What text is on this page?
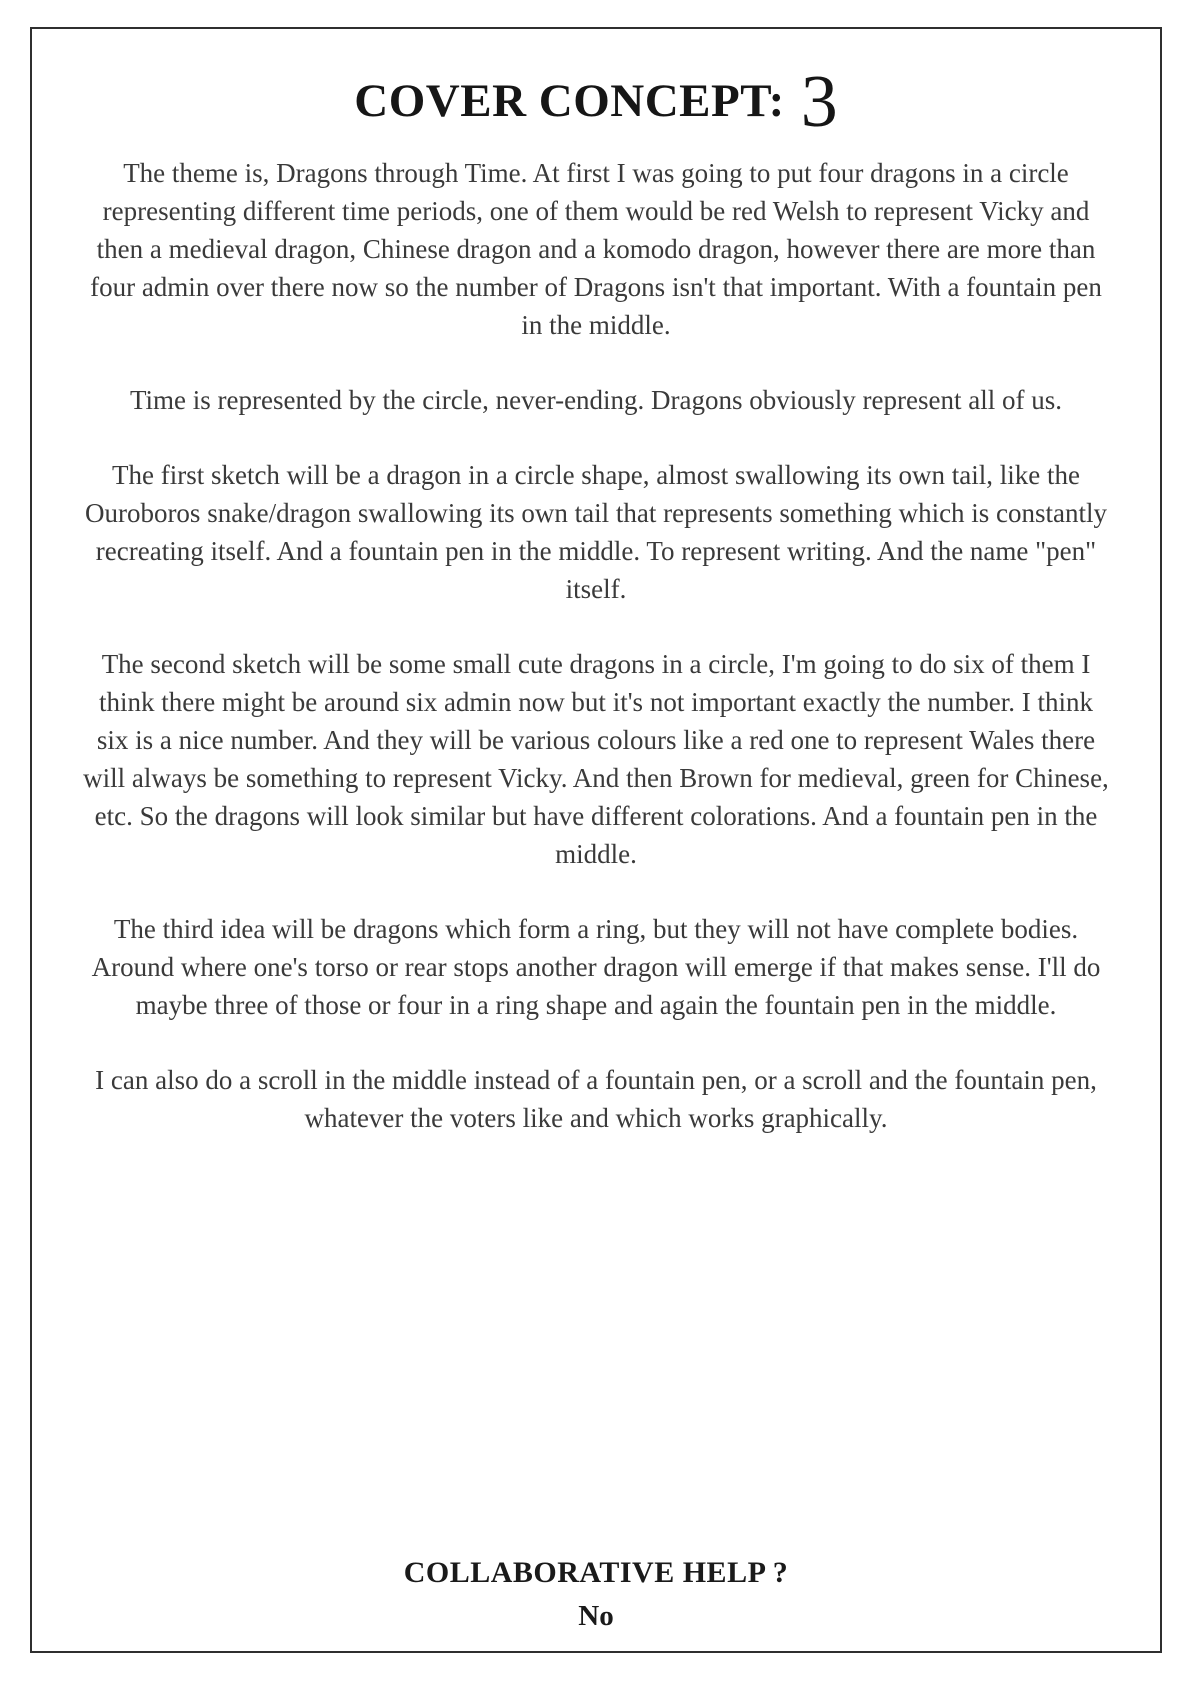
COVER CONCEPT: 3

The theme is, Dragons through Time. At first I was going to put four dragons in a circle representing different time periods, one of them would be red Welsh to represent Vicky and then a medieval dragon, Chinese dragon and a komodo dragon, however there are more than four admin over there now so the number of Dragons isn't that important. With a fountain pen in the middle.

Time is represented by the circle, never-ending. Dragons obviously represent all of us.

The first sketch will be a dragon in a circle shape, almost swallowing its own tail, like the Ouroboros snake/dragon swallowing its own tail that represents something which is constantly recreating itself. And a fountain pen in the middle. To represent writing. And the name "pen" itself.

The second sketch will be some small cute dragons in a circle, I'm going to do six of them I think there might be around six admin now but it's not important exactly the number. I think six is a nice number. And they will be various colours like a red one to represent Wales there will always be something to represent Vicky. And then Brown for medieval, green for Chinese, etc. So the dragons will look similar but have different colorations. And a fountain pen in the middle.

The third idea will be dragons which form a ring, but they will not have complete bodies. Around where one's torso or rear stops another dragon will emerge if that makes sense. I'll do maybe three of those or four in a ring shape and again the fountain pen in the middle.

I can also do a scroll in the middle instead of a fountain pen, or a scroll and the fountain pen, whatever the voters like and which works graphically.

COLLABORATIVE HELP ?
No
